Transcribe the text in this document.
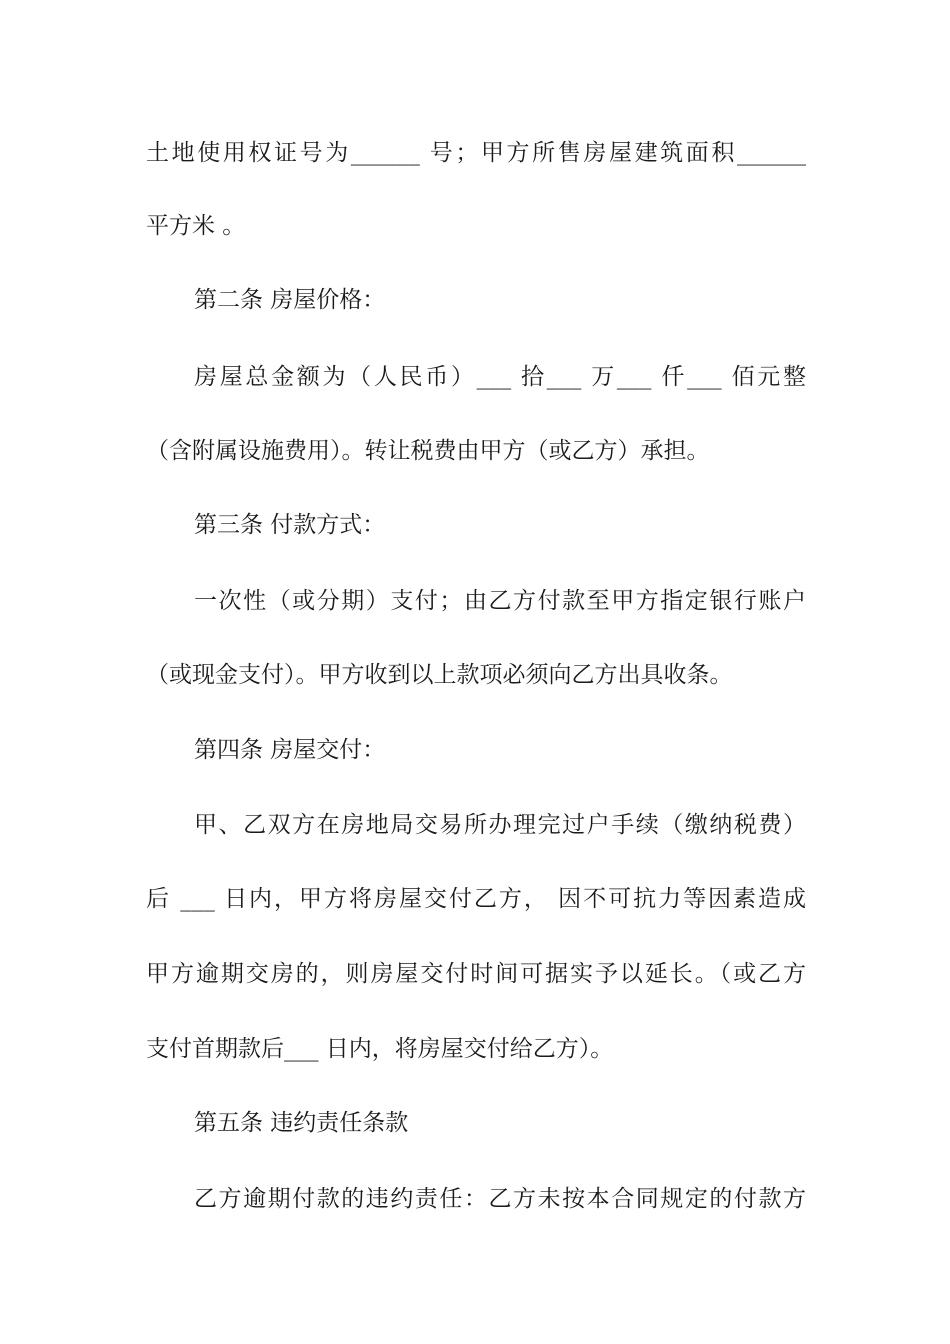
土地使用权证号为______ 号；甲方所售房屋建筑面积______
平方米 。
第二条 房屋价格：
房屋总金额为（人民币）___ 拾___ 万___ 仟___ 佰元整
（含附属设施费用）。转让税费由甲方（或乙方）承担。
第三条 付款方式：
一次性（或分期）支付；由乙方付款至甲方指定银行账户
（或现金支付）。甲方收到以上款项必须向乙方出具收条。
第四条 房屋交付：
甲、乙双方在房地局交易所办理完过户手续（缴纳税费）
后 ___ 日内，甲方将房屋交付乙方， 因不可抗力等因素造成
甲方逾期交房的，则房屋交付时间可据实予以延长。（或乙方
支付首期款后___ 日内，将房屋交付给乙方）。
第五条 违约责任条款
乙方逾期付款的违约责任：乙方未按本合同规定的付款方
